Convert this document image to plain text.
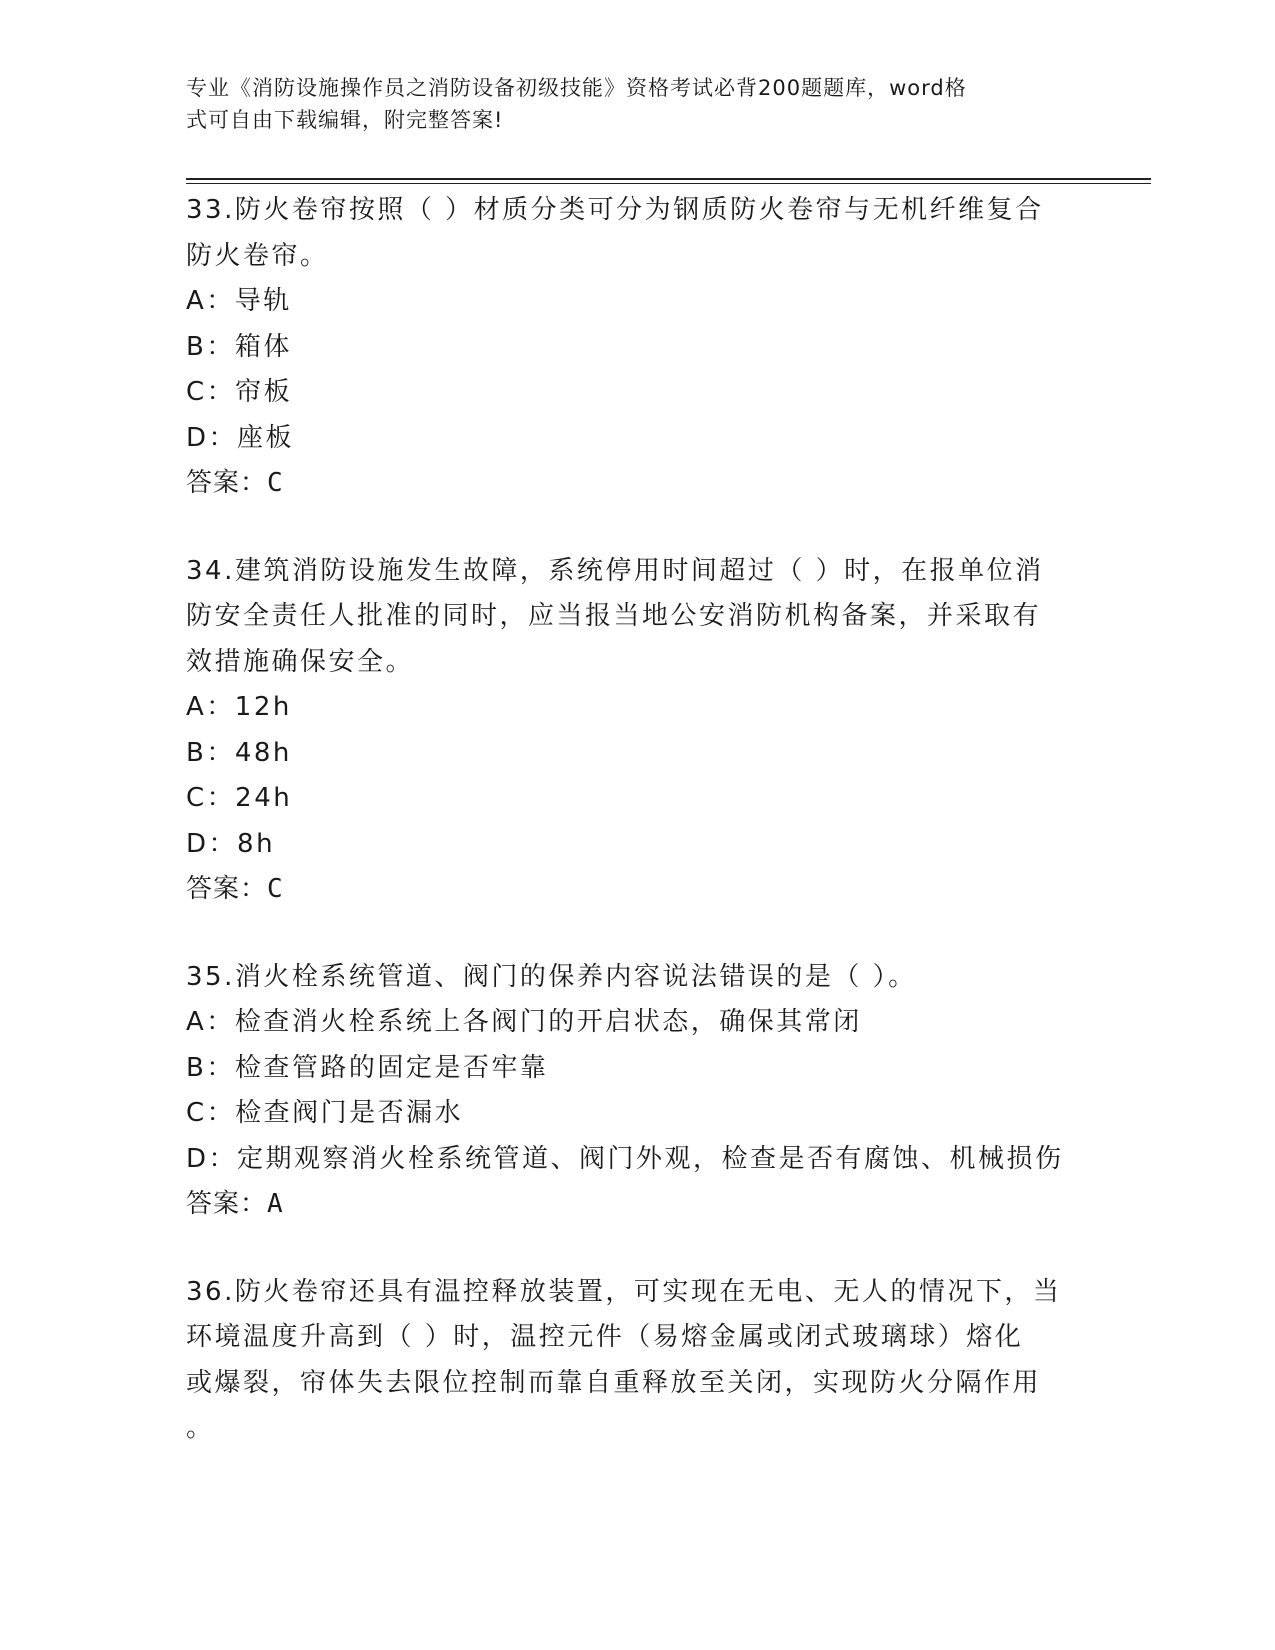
专业《消防设施操作员之消防设备初级技能》资格考试必背200题题库，word格
式可自由下载编辑，附完整答案!
33.防火卷帘按照（ ）材质分类可分为钢质防火卷帘与无机纤维复合
防火卷帘。
A：导轨
B：箱体
C：帘板
D：座板
答案：C
34.建筑消防设施发生故障，系统停用时间超过（ ）时，在报单位消
防安全责任人批准的同时，应当报当地公安消防机构备案，并采取有
效措施确保安全。
A：12h
B：48h
C：24h
D：8h
答案：C
35.消火栓系统管道、阀门的保养内容说法错误的是（ ）。
A：检查消火栓系统上各阀门的开启状态，确保其常闭
B：检查管路的固定是否牢靠
C：检查阀门是否漏水
D：定期观察消火栓系统管道、阀门外观，检查是否有腐蚀、机械损伤
答案：A
36.防火卷帘还具有温控释放装置，可实现在无电、无人的情况下，当
环境温度升高到（ ）时，温控元件（易熔金属或闭式玻璃球）熔化
或爆裂，帘体失去限位控制而靠自重释放至关闭，实现防火分隔作用
。
